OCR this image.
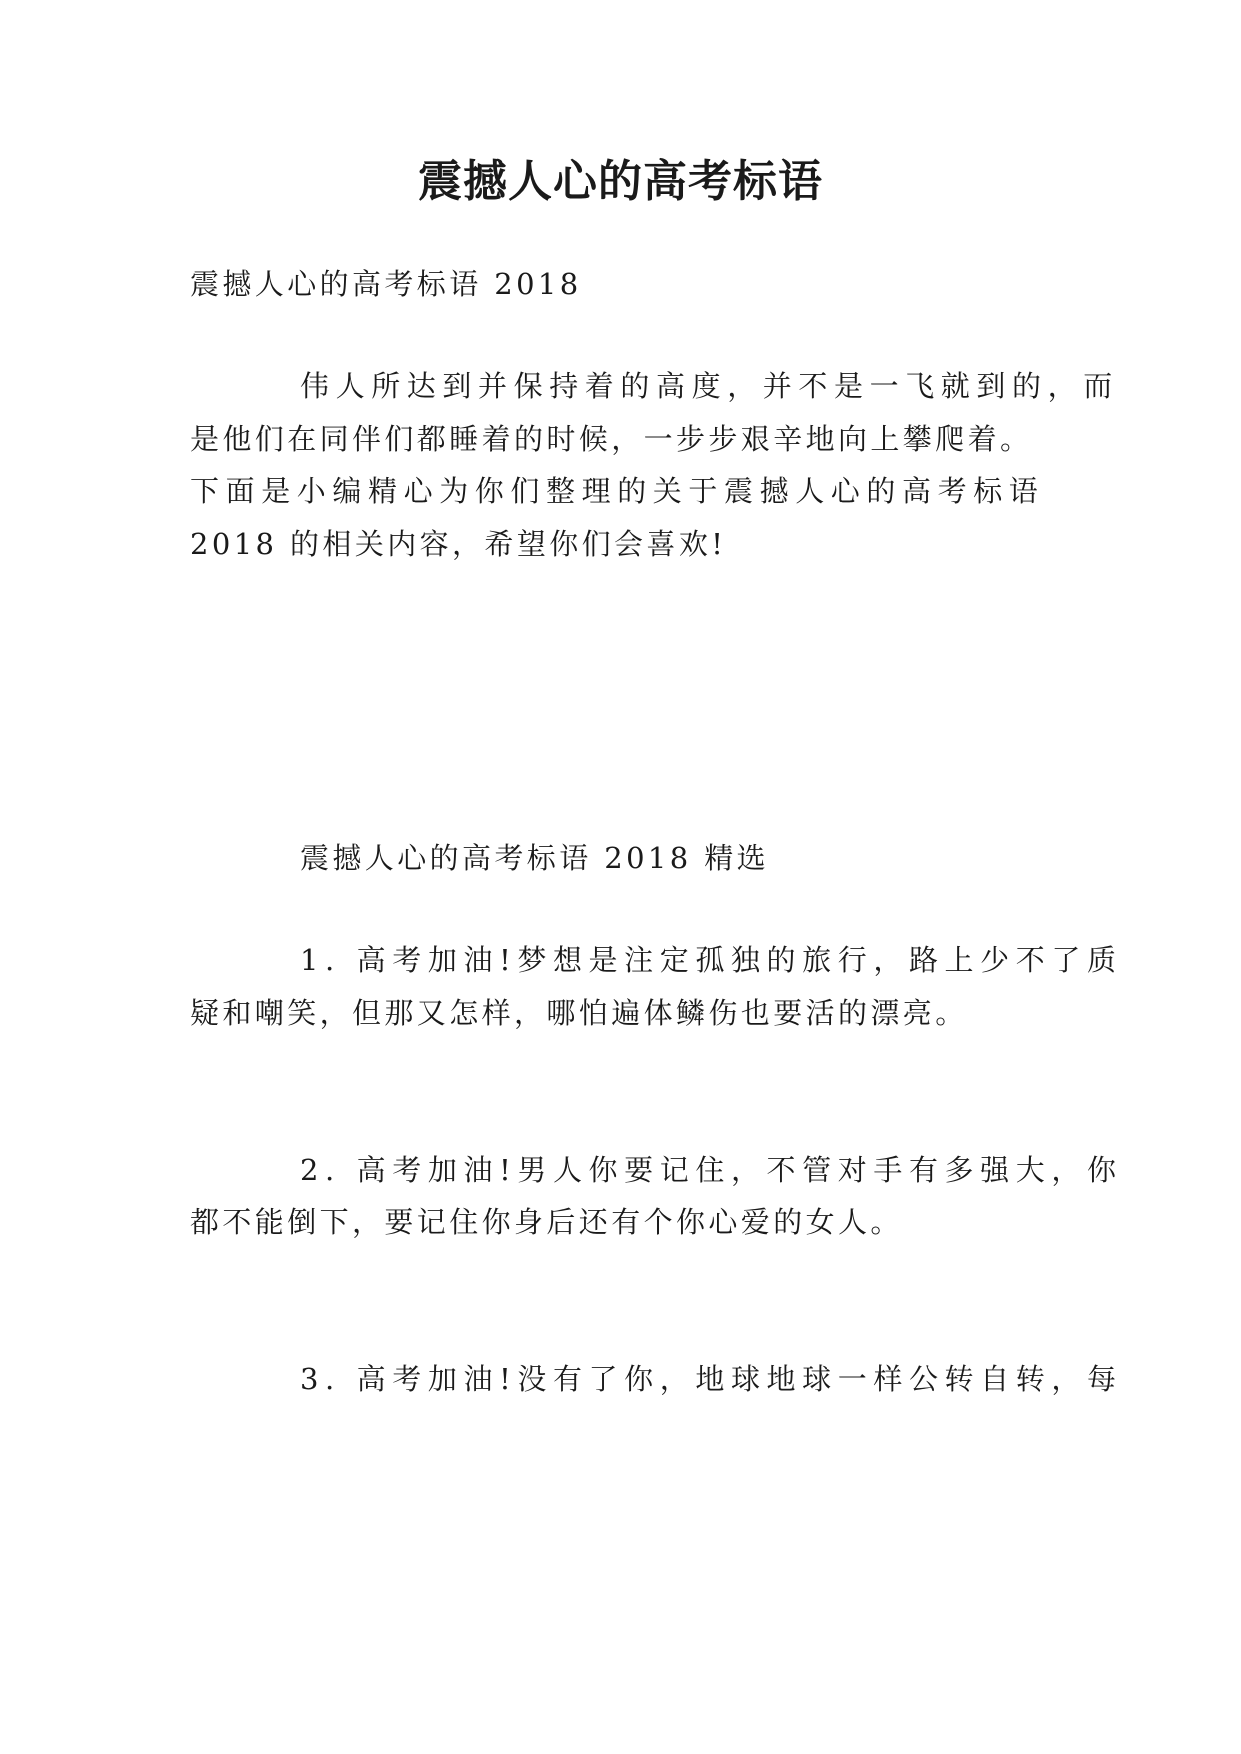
震撼人心的高考标语
震撼人心的高考标语 2018
伟人所达到并保持着的高度，并不是一飞就到的，而
是他们在同伴们都睡着的时候，一步步艰辛地向上攀爬着。
下面是小编精心为你们整理的关于震撼人心的高考标语
2018 的相关内容，希望你们会喜欢!
震撼人心的高考标语 2018 精选
1. 高考加油!梦想是注定孤独的旅行，路上少不了质
疑和嘲笑，但那又怎样，哪怕遍体鳞伤也要活的漂亮。
2. 高考加油!男人你要记住，不管对手有多强大，你
都不能倒下，要记住你身后还有个你心爱的女人。
3. 高考加油!没有了你，地球地球一样公转自转，每
